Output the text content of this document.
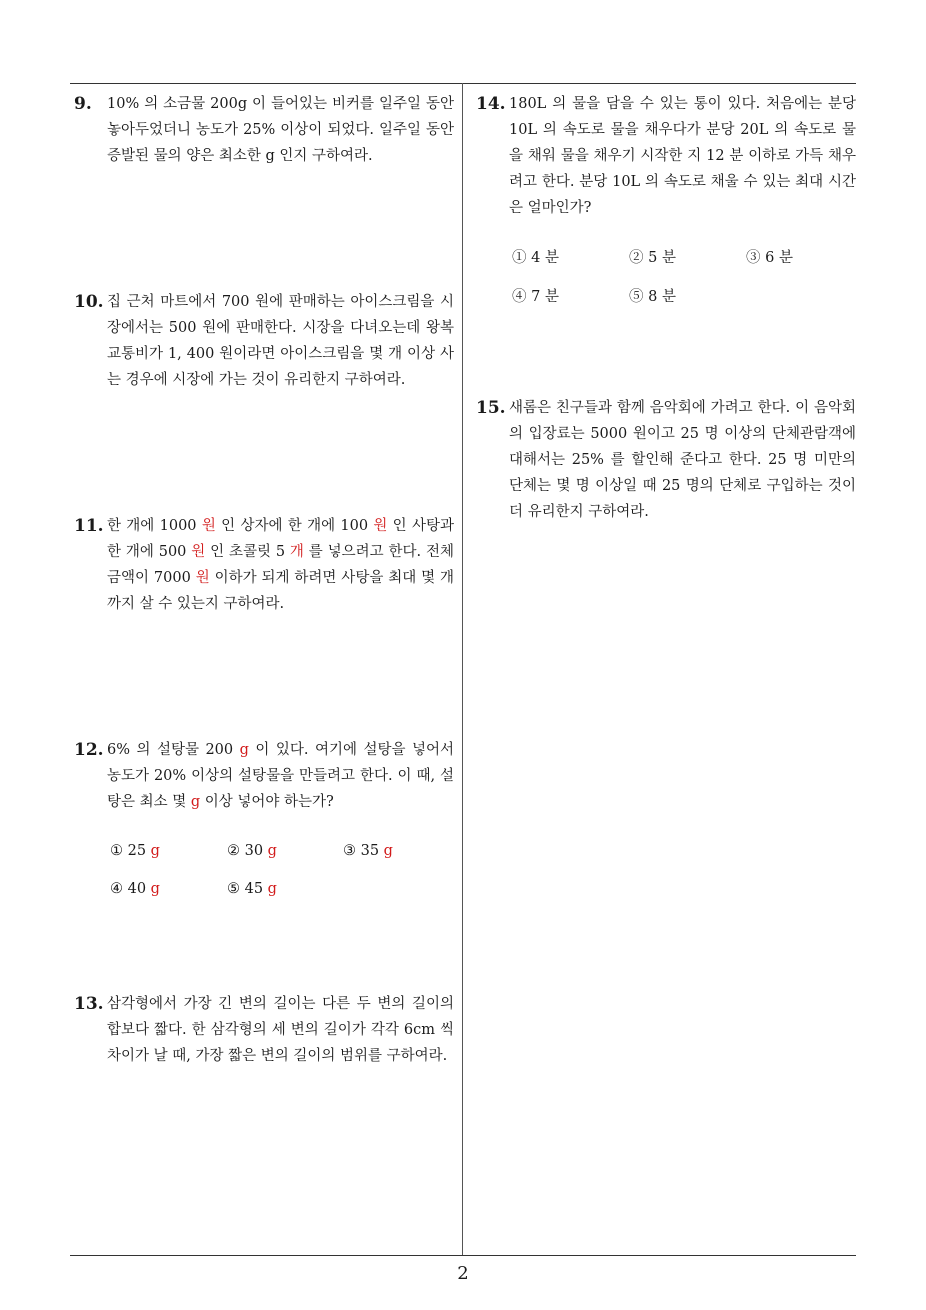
9. 10% 의 소금물 200g 이 들어있는 비커를 일주일 동안 놓아두었더니 농도가 25% 이상이 되었다. 일주일 동안 증발된 물의 양은 최소한 g 인지 구하여라.
10. 집 근처 마트에서 700 원에 판매하는 아이스크림을 시장에서는 500 원에 판매한다. 시장을 다녀오는데 왕복 교통비가 1, 400 원이라면 아이스크림을 몇 개 이상 사는 경우에 시장에 가는 것이 유리한지 구하여라.
11. 한 개에 1000 원 인 상자에 한 개에 100 원 인 사탕과 한 개에 500 원 인 초콜릿 5 개 를 넣으려고 한다. 전체 금액이 7000 원 이하가 되게 하려면 사탕을 최대 몇 개까지 살 수 있는지 구하여라.
12. 6% 의 설탕물 200 g 이 있다. 여기에 설탕을 넣어서 농도가 20% 이상의 설탕물을 만들려고 한다. 이 때, 설탕은 최소 몇 g 이상 넣어야 하는가?
① 25 g	② 30 g	③ 35 g
④ 40 g	⑤ 45 g
13. 삼각형에서 가장 긴 변의 길이는 다른 두 변의 길이의 합보다 짧다. 한 삼각형의 세 변의 길이가 각각 6cm 씩 차이가 날 때, 가장 짧은 변의 길이의 범위를 구하여라.
14. 180L 의 물을 담을 수 있는 통이 있다. 처음에는 분당 10L 의 속도로 물을 채우다가 분당 20L 의 속도로 물을 채워 물을 채우기 시작한 지 12 분 이하로 가득 채우려고 한다. 분당 10L 의 속도로 채울 수 있는 최대 시간은 얼마인가?
① 4 분	② 5 분	③ 6 분
④ 7 분	⑤ 8 분
15. 새롬은 친구들과 함께 음악회에 가려고 한다. 이 음악회의 입장료는 5000 원이고 25 명 이상의 단체관람객에 대해서는 25% 를 할인해 준다고 한다. 25 명 미만의 단체는 몇 명 이상일 때 25 명의 단체로 구입하는 것이 더 유리한지 구하여라.
2
